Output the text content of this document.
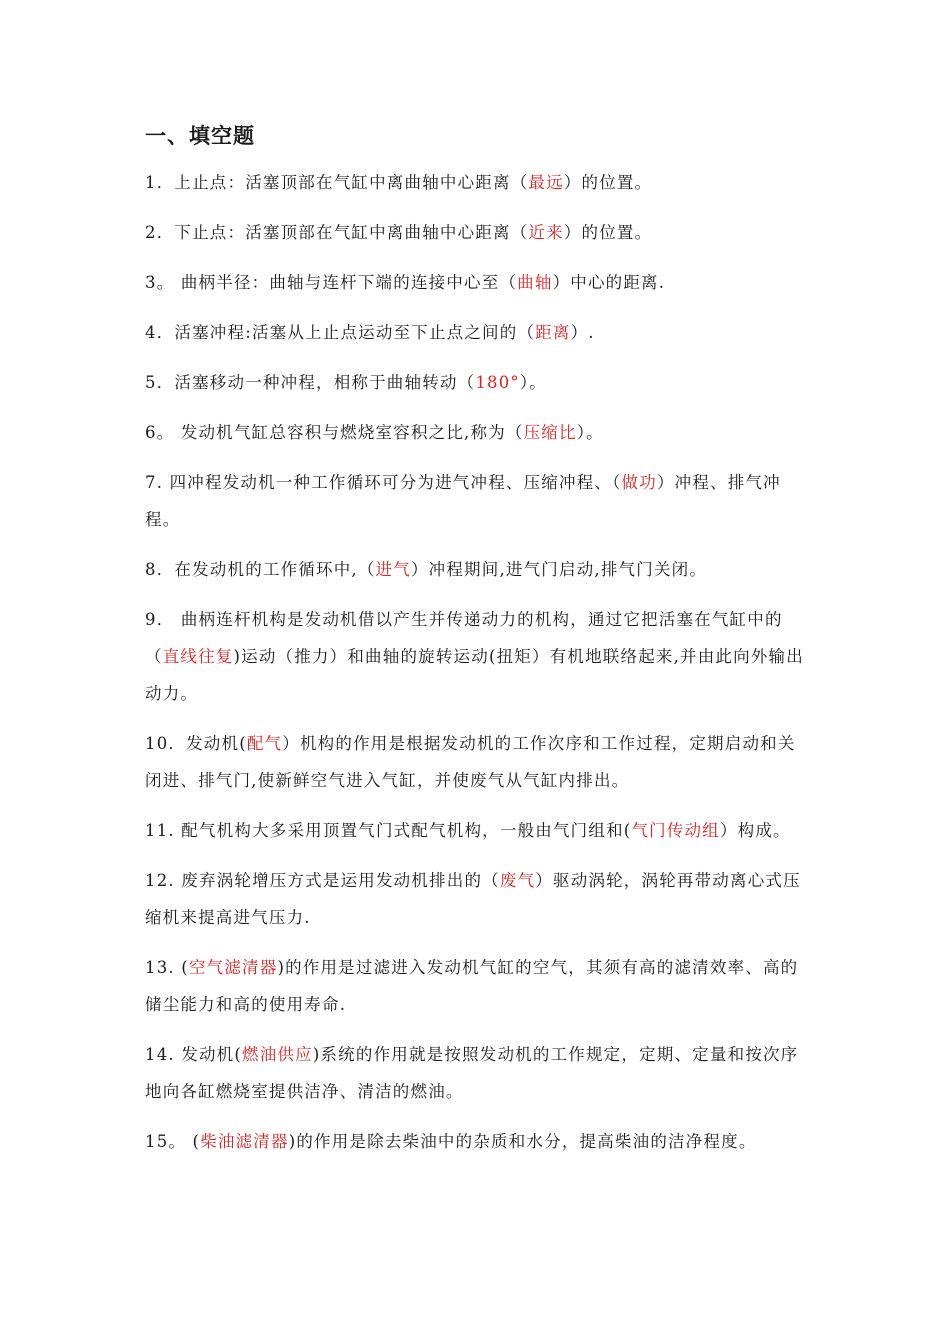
一、填空题
1．上止点：活塞顶部在气缸中离曲轴中心距离（最远）的位置。
2．下止点：活塞顶部在气缸中离曲轴中心距离（近来）的位置。
3。 曲柄半径：曲轴与连杆下端的连接中心至（曲轴）中心的距离.
4．活塞冲程:活塞从上止点运动至下止点之间的（距离）.
5．活塞移动一种冲程，相称于曲轴转动（180°）。
6。 发动机气缸总容积与燃烧室容积之比,称为（压缩比）。
7. 四冲程发动机一种工作循环可分为进气冲程、压缩冲程、（做功）冲程、排气冲程。
8．在发动机的工作循环中,（进气）冲程期间,进气门启动,排气门关闭。
9． 曲柄连杆机构是发动机借以产生并传递动力的机构，通过它把活塞在气缸中的（直线往复)运动（推力）和曲轴的旋转运动(扭矩）有机地联络起来,并由此向外输出动力。
10．发动机(配气）机构的作用是根据发动机的工作次序和工作过程，定期启动和关闭进、排气门,使新鲜空气进入气缸，并使废气从气缸内排出。
11. 配气机构大多采用顶置气门式配气机构，一般由气门组和(气门传动组）构成。
12. 废弃涡轮增压方式是运用发动机排出的（废气）驱动涡轮，涡轮再带动离心式压缩机来提高进气压力.
13. (空气滤清器)的作用是过滤进入发动机气缸的空气，其须有高的滤清效率、高的储尘能力和高的使用寿命.
14. 发动机(燃油供应)系统的作用就是按照发动机的工作规定，定期、定量和按次序地向各缸燃烧室提供洁净、清洁的燃油。
15。 (柴油滤清器)的作用是除去柴油中的杂质和水分，提高柴油的洁净程度。
